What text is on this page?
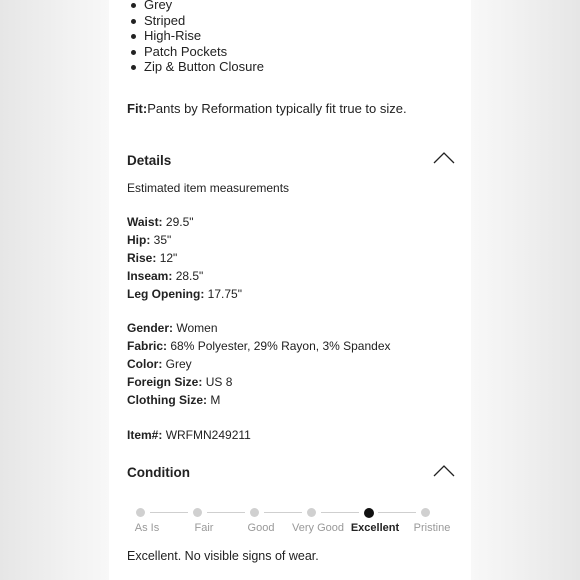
Grey
Striped
High-Rise
Patch Pockets
Zip & Button Closure
Fit:Pants by Reformation typically fit true to size.
Details
Estimated item measurements
Waist: 29.5"
Hip: 35"
Rise: 12"
Inseam: 28.5"
Leg Opening: 17.75"
Gender: Women
Fabric: 68% Polyester, 29% Rayon, 3% Spandex
Color: Grey
Foreign Size: US 8
Clothing Size: M
Item#: WRFMN249211
Condition
As Is	Fair	Good Very Good Excellent Pristine
Excellent. No visible signs of wear.
